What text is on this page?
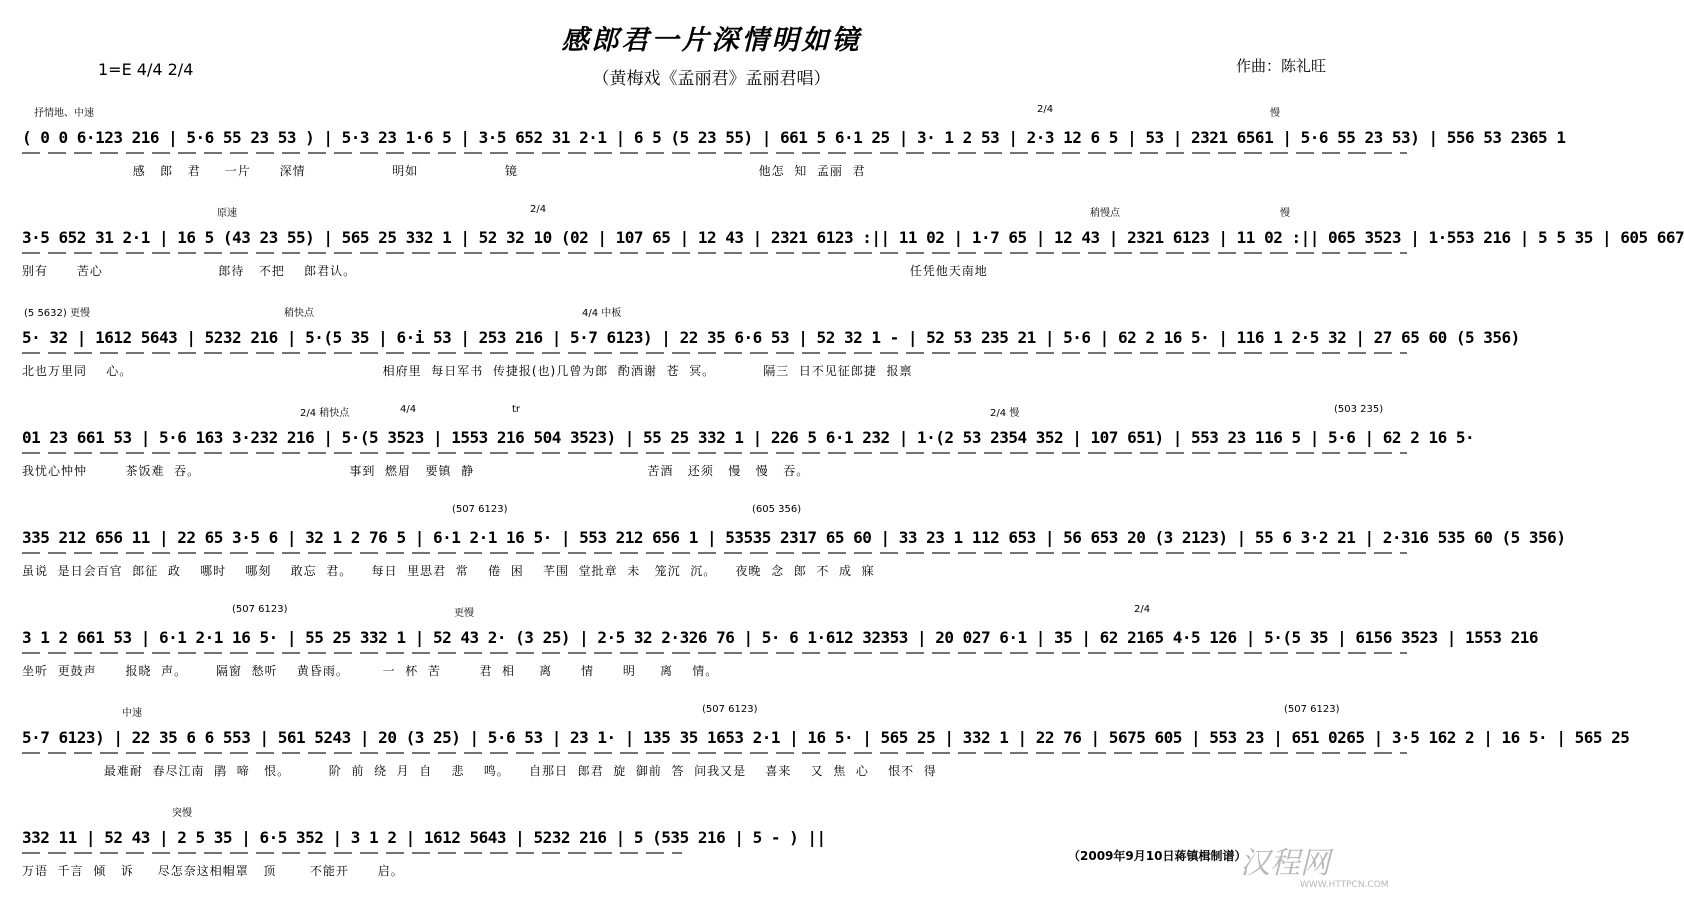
感郎君一片深情明如镜
（黄梅戏《孟丽君》孟丽君唱）
1=E 4/4 2/4	作曲：陈礼旺
抒情地、中速	2/4	慢
( 0 0 6·123 216 | 5·6 55 23 53 ) | 5·3 23 1·6 5 | 3·5 652 31 2·1 | 6 5 (5 23 55) | 661 5 6·1 25 | 3· 1 2 53 | 2·3 12 6 5 | 53 | 2321 6561 | 5·6 55 23 53) | 556 53 2365 1
感   郎   君     一片      深情                  明如                  镜                                                  他怎  知  孟丽  君
原速	2/4	稍慢点	慢
3·5 652 31 2·1 | 16 5 (43 23 55) | 565 25 332 1 | 52 32 10 (02 | 107 65 | 12 43 | 2321 6123 :|| 11 02 | 1·7 65 | 12 43 | 2321 6123 | 11 02 :|| 065 3523 | 1·553 216 | 5 5 35 | 605 667
别有      苦心                        郎待   不把    郎君认。                                                                                                                   任凭他天南地
(5 5632) 更慢	稍快点	4/4 中板
5· 32 | 1612 5643 | 5232 216 | 5·(5 35 | 6·i 53 | 253 216 | 5·7 6123) | 22 35 6·6 53 | 52 32 1 - | 52 53 235 21 | 5·6 | 62 2 16 5· | 116 1 2·5 32 | 27 65 60 (5 356)
北也万里同    心。                                                    相府里  每日军书  传捷报(也)几曾为郎  酌酒谢  苍  冥。          隔三  日不见征郎捷  报禀
2/4 稍快点	4/4	tr	2/4 慢	(503 235)
01 23 661 53 | 5·6 163 3·232 216 | 5·(5 3523 | 1553 216 504 3523) | 55 25 332 1 | 226 5 6·1 232 | 1·(2 53 2354 352 | 107 651) | 553 23 116 5 | 5·6 | 62 2 16 5·
我忧心忡忡        茶饭难  吞。                               事到  燃眉   要镇  静                                    苦酒   还须   慢   慢   吞。
(507 6123)	(605 356)
335 212 656 11 | 22 65 3·5 6 | 32 1 2 76 5 | 6·1 2·1 16 5· | 553 212 656 1 | 53535 2317 65 60 | 33 23 1 112 653 | 56 653 20 (3 2123) | 55 6 3·2 21 | 2·316 535 60 (5 356)
虽说  是日会百官  郎征  政    哪时    哪刻    敢忘  君。    每日  里思君  常    倦  困    芊围  堂批章  未   笼沉  沉。    夜晚  念  郎  不  成  寐
(507 6123)	更慢	2/4
3 1 2 661 53 | 6·1 2·1 16 5· | 55 25 332 1 | 52 43 2· (3 25) | 2·5 32 2·326 76 | 5· 6 1·612 32353 | 20 027 6·1 | 35 | 62 2165 4·5 126 | 5·(5 35 | 6156 3523 | 1553 216
坐听  更鼓声      报晓  声。      隔窗  愁听    黄昏雨。       一  杯  苦        君  相     离      情      明     离    情。
中速	(507 6123)	(507 6123)
5·7 6123) | 22 35 6 6 553 | 561 5243 | 20 (3 25) | 5·6 53 | 23 1· | 135 35 1653 2·1 | 16 5· | 565 25 | 332 1 | 22 76 | 5675 605 | 553 23 | 651 0265 | 3·5 162 2 | 16 5· | 565 25
最难耐  春尽江南  鹃  啼   恨。        阶  前  绕  月  自    悲    鸣。    自那日  郎君  旋  御前  答  问我又是    喜来    又  焦  心    恨不  得
突慢
332 11 | 52 43 | 2 5 35 | 6·5 352 | 3 1 2 | 1612 5643 | 5232 216 | 5 (535 216 | 5 - ) ||
万语  千言  倾   诉     尽怎奈这相帽罩   顶       不能开      启。
（2009年9月10日蒋镇楫制谱）
汉程网
WWW.HTTPCN.COM
